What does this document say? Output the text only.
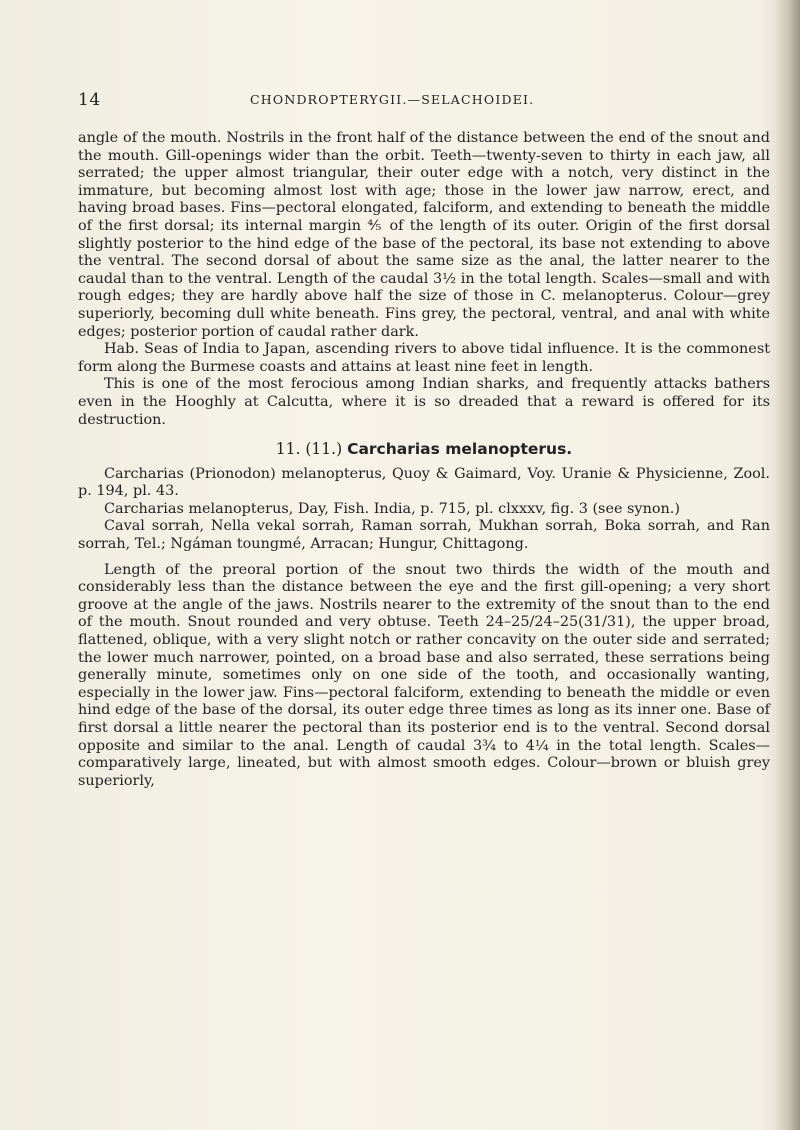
14	CHONDROPTERYGII.—SELACHOIDEI.

angle of the mouth. Nostrils in the front half of the distance between the end of the snout and the mouth. Gill-openings wider than the orbit. Teeth—twenty-seven to thirty in each jaw, all serrated; the upper almost triangular, their outer edge with a notch, very distinct in the immature, but becoming almost lost with age; those in the lower jaw narrow, erect, and having broad bases. Fins—pectoral elongated, falciform, and extending to beneath the middle of the first dorsal; its internal margin ⅘ of the length of its outer. Origin of the first dorsal slightly posterior to the hind edge of the base of the pectoral, its base not extending to above the ventral. The second dorsal of about the same size as the anal, the latter nearer to the caudal than to the ventral. Length of the caudal 3½ in the total length. Scales—small and with rough edges; they are hardly above half the size of those in C. melanopterus. Colour—grey superiorly, becoming dull white beneath. Fins grey, the pectoral, ventral, and anal with white edges; posterior portion of caudal rather dark.

Hab. Seas of India to Japan, ascending rivers to above tidal influence. It is the commonest form along the Burmese coasts and attains at least nine feet in length.

This is one of the most ferocious among Indian sharks, and frequently attacks bathers even in the Hooghly at Calcutta, where it is so dreaded that a reward is offered for its destruction.

11. (11.) Carcharias melanopterus.

Carcharias (Prionodon) melanopterus, Quoy & Gaimard, Voy. Uranie & Physicienne, Zool. p. 194, pl. 43.

Carcharias melanopterus, Day, Fish. India, p. 715, pl. clxxxv, fig. 3 (see synon.)

Caval sorrah, Nella vekal sorrah, Raman sorrah, Mukhan sorrah, Boka sorrah, and Ran sorrah, Tel.; Ngáman toungmé, Arracan; Hungur, Chittagong.

Length of the preoral portion of the snout two thirds the width of the mouth and considerably less than the distance between the eye and the first gill-opening; a very short groove at the angle of the jaws. Nostrils nearer to the extremity of the snout than to the end of the mouth. Snout rounded and very obtuse. Teeth 24–25/24–25(31/31), the upper broad, flattened, oblique, with a very slight notch or rather concavity on the outer side and serrated; the lower much narrower, pointed, on a broad base and also serrated, these serrations being generally minute, sometimes only on one side of the tooth, and occasionally wanting, especially in the lower jaw. Fins—pectoral falciform, extending to beneath the middle or even hind edge of the base of the dorsal, its outer edge three times as long as its inner one. Base of first dorsal a little nearer the pectoral than its posterior end is to the ventral. Second dorsal opposite and similar to the anal. Length of caudal 3¾ to 4¼ in the total length. Scales—comparatively large, lineated, but with almost smooth edges. Colour—brown or bluish grey superiorly,
